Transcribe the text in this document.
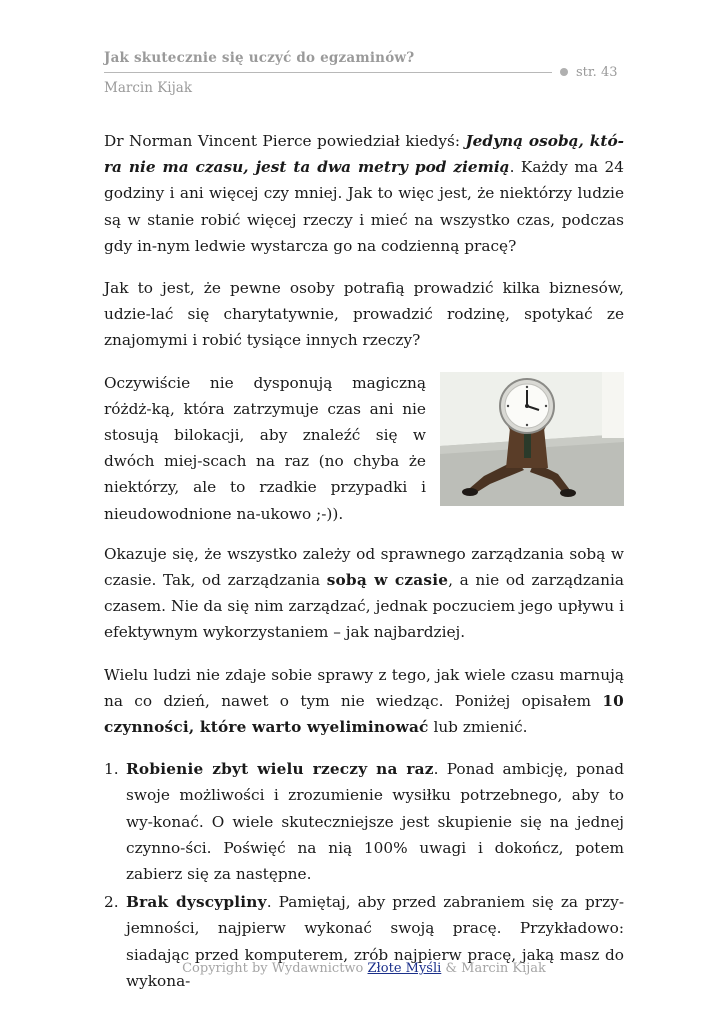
Jak skutecznie się uczyć do egzaminów?
str. 43
Marcin Kijak

Dr Norman Vincent Pierce powiedział kiedyś: Jedyną osobą, któ-ra nie ma czasu, jest ta dwa metry pod ziemią. Każdy ma 24 godziny i ani więcej czy mniej. Jak to więc jest, że niektórzy ludzie są w stanie robić więcej rzeczy i mieć na wszystko czas, podczas gdy in-nym ledwie wystarcza go na codzienną pracę?

Jak to jest, że pewne osoby potrafią prowadzić kilka biznesów, udzie-lać się charytatywnie, prowadzić rodzinę, spotykać ze znajomymi i robić tysiące innych rzeczy?

Oczywiście nie dysponują magiczną różdż-ką, która zatrzymuje czas ani nie stosują bilokacji, aby znaleźć się w dwóch miej-scach na raz (no chyba że niektórzy, ale to rzadkie przypadki i nieudowodnione na-ukowo ;-)).

Okazuje się, że wszystko zależy od sprawnego zarządzania sobą w czasie. Tak, od zarządzania sobą w czasie, a nie od zarządzania czasem. Nie da się nim zarządzać, jednak poczuciem jego upływu i efektywnym wykorzystaniem – jak najbardziej.

Wielu ludzi nie zdaje sobie sprawy z tego, jak wiele czasu marnują na co dzień, nawet o tym nie wiedząc. Poniżej opisałem 10 czynności, które warto wyeliminować lub zmienić.

1. Robienie zbyt wielu rzeczy na raz. Ponad ambicję, ponad swoje możliwości i zrozumienie wysiłku potrzebnego, aby to wy-konać. O wiele skuteczniejsze jest skupienie się na jednej czynno-ści. Poświęć na nią 100% uwagi i dokończ, potem zabierz się za następne.
2. Brak dyscypliny. Pamiętaj, aby przed zabraniem się za przy-jemności, najpierw wykonać swoją pracę. Przykładowo: siadając przed komputerem, zrób najpierw pracę, jaką masz do wykona-
Copyright by Wydawnictwo Złote Myśli & Marcin Kijak
